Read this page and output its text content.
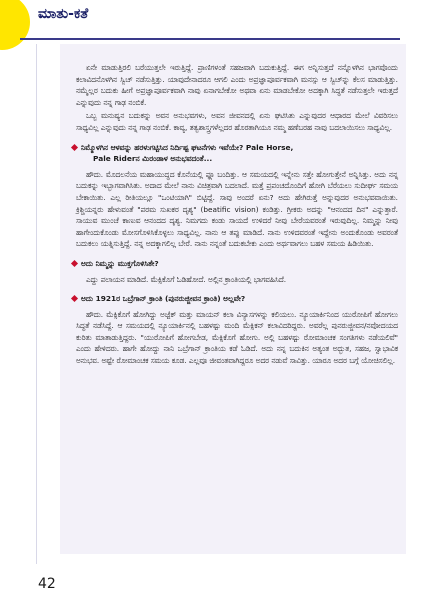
ಮಾತು-ಕತೆ

ಏನೇ ಮಾಡುತ್ತಿರಲಿ ಬರೆಯುತ್ತಲೇ ಇರುತ್ತಿದ್ದೆ. ಪ್ರಾಣಿಗಳಂತೆ ಸಹಜವಾಗಿ ಬದುಕುತ್ತಿದ್ದೆ. ಈಗ ಅನ್ನಿಸುತ್ತದೆ ನನ್ನೊಳಗಿನ ಭಾಗವೊಂದು ಕಲಾವಿದನೊಳಗಿನ ಸ್ವಿಚ್ ನಡೆಸುತ್ತಿತ್ತು. ಯಾವುದೇನಾದರೂ ಆಗಲಿ ಎಂದು ಅಪ್ರಜ್ಞಾಪೂರ್ವಕವಾಗಿ ಮನಸ್ಸು ಆ ಸ್ವಿಚ್‌ನ್ನು ಕೆಲಸ ಮಾಡುತ್ತಿತ್ತು. ನಮ್ಮೆಲ್ಲರ ಬದುಕು ಹೀಗೆ ಅಪ್ರಜ್ಞಾಪೂರ್ವಕವಾಗಿ ನಾವು ಏನಾಗಬೇಕೋ ಅಥವಾ ಏನು ಮಾಡಬೇಕೋ ಅದಕ್ಕಾಗಿ ಸಿದ್ಧತೆ ನಡೆಸುತ್ತಲೇ ಇರುತ್ತದೆ ಎನ್ನುವುದು ನನ್ನ ಗಾಢ ನಂಬಿಕೆ.

ಒಬ್ಬ ಮನುಷ್ಯನ ಬದುಕನ್ನು ಅವನ ಅನುಭವಗಳು, ಅವನ ಜೀವನದಲ್ಲಿ ಏನು ಘಟಿಸಿತು ಎನ್ನುವುದರ ಆಧಾರದ ಮೇಲೆ ವಿವರಿಸಲು ಸಾಧ್ಯವಿಲ್ಲ ಎನ್ನುವುದು ನನ್ನ ಗಾಢ ನಂಬಿಕೆ. ಕಾವ್ಯ, ತತ್ವಶಾಸ್ತ್ರಗಳೆಲ್ಲದರ ಹೊರತಾಗಿಯೂ ನಮ್ಮ ಹಣೆಬರಹ ನಾವು ಬದಲಾಯಿಸಲು ಸಾಧ್ಯವಿಲ್ಲ.

ನಿಮ್ಮೊಳಗಿನ ಆಳವನ್ನು ಹರಳುಗಟ್ಟಿಸಿದ ನಿರ್ದಿಷ್ಟ ಘಟನೆಗಳು ಇವೆಯೇ? Pale Horse,
Pale Riderನ ಮಿರಂಡಾಳ ಅನುಭವದಂತೆ...

ಹೌದು. ಮೊದಲನೆಯ ಮಹಾಯುದ್ಧದ ಕೊನೆಯಲ್ಲಿ ಫ್ಲೂ ಬಂದಿತ್ತು. ಆ ಸಮಯದಲ್ಲಿ ಇನ್ನೇನು ಸತ್ತೇ ಹೋಗುತ್ತೇನೆ ಅನ್ನಿಸಿತ್ತು. ಅದು ನನ್ನ ಬದುಕನ್ನು ಇಬ್ಭಾಗವಾಗಿಸಿತು. ಅದಾದ ಮೇಲೆ ನಾನು ವಿಚಿತ್ರವಾಗಿ ಬದಲಾದೆ. ಮತ್ತೆ ಪ್ರಪಂಚದೊಂದಿಗೆ ಹೋಗಿ ಬೆರೆಯಲು ಸುದೀರ್ಘ ಸಮಯ ಬೇಕಾಯಿತು. ಎಲ್ಲ ರೀತಿಯಲ್ಲೂ "ಒಂಟಿಯಾಗಿ" ಬಿಟ್ಟಿದ್ದೆ. ಸಾವು ಅಂದರೆ ಏನು? ಅದು ಹೇಗಿರುತ್ತೆ ಅನ್ನುವುದರ ಅನುಭವವಾಯಿತು. ಕ್ರಿಶ್ಚಿಯನ್ನರು ಹೇಳುವಂತೆ "ಪರಮ ಸುಖಕರ ದೃಶ್ಯ" (beatific vision) ಕಂಡಿತ್ತು. ಗ್ರೀಕರು ಅದನ್ನು "ಆನಂದದ ದಿನ" ಎನ್ನುತ್ತಾರೆ. ಸಾಯುವ ಮುಂಚೆ ಕಾಣುವ ಆನಂದದ ದೃಶ್ಯ. ನಿಮಗದು ಕಂಡು ಸಾಯದೆ ಉಳಿದರೆ ನೀವು ಬೇರೆಯವರಂತೆ ಇರುವುದಿಲ್ಲ. ನಿಮ್ಮನ್ನು ನೀವು ಹಾಗೇಂದುಕೊಂಡು ಮೋಸಗೊಳಿಸಿಕೊಳ್ಳಲು ಸಾಧ್ಯವಿಲ್ಲ. ನಾನು ಆ ತಪ್ಪು ಮಾಡಿದೆ. ನಾನು ಉಳಿದವರಂತೆ ಇದ್ದೇನು ಅಂದುಕೊಂಡು ಅವರಂತೆ ಬದುಕಲು ಯತ್ನಿಸುತ್ತಿದ್ದೆ. ನನ್ನ ಅದಕ್ಕಾಗಲಿಲ್ಲ ಬೇರೆ. ನಾನು ನನ್ನಂತೆ ಬದುಕಬೇಕು ಎಂದು ಅರ್ಥವಾಗಲು ಬಹಳ ಸಮಯ ಹಿಡಿಯಿತು.

ಅದು ನಿಮ್ಮನ್ನು ಮುಕ್ತಗೊಳಿಸಿತೇ?

ಎದ್ದು ಪಲಾಯನ ಮಾಡಿದೆ. ಮೆಕ್ಸಿಕೊಗೆ ಓಡಿಹೋದೆ. ಅಲ್ಲಿನ ಕ್ರಾಂತಿಯಲ್ಲಿ ಭಾಗವಹಿಸಿದೆ.

ಅದು 1921ರ ಒಬ್ರೆಗಾನ್ ಕ್ರಾಂತಿ (ಪುನರುಜ್ಜೀವನ ಕ್ರಾಂತಿ) ಅಲ್ಲವೇ?

ಹೌದು. ಮೆಕ್ಸಿಕೊಗೆ ಹೋಗಿದ್ದು ಅಜ್ಟೆಕ್ ಮತ್ತು ಮಾಯನ್ ಕಲಾ ವಿನ್ಯಾಸಗಳನ್ನು ಕಲಿಯಲು. ನ್ಯೂಯಾರ್ಕಿನಿಂದ ಯುರೋಪಿಗೆ ಹೋಗಲು ಸಿದ್ಧತೆ ನಡೆಸಿದ್ದೆ. ಆ ಸಮಯದಲ್ಲಿ ನ್ಯೂಯಾರ್ಕಿನಲ್ಲಿ ಬಹಳಷ್ಟು ಮಂದಿ ಮೆಕ್ಸಿಕನ್ ಕಲಾವಿದರಿದ್ದರು. ಅವರೆಲ್ಲ ಪುನರುಜ್ಜೀವನ/ನವೋದಯದ ಕುರಿತು ಮಾತಾಡುತ್ತಿದ್ದರು. "ಯುರೋಪಿಗೆ ಹೋಗಬೇಡ, ಮೆಕ್ಸಿಕೊಗೆ ಹೋಗು. ಅಲ್ಲಿ ಬಹಳಷ್ಟು ರೋಮಾಂಚಕ ಸಂಗತಿಗಳು ನಡೆಯಲಿವೆ" ಎಂದು ಹೇಳಿದರು. ಹಾಗೇ ಹೋದ್ದು ನಾನಿ ಒಬ್ರೆಗಾನ್ ಕ್ರಾಂತಿಯ ಕಡೆ ಓಡಿದೆ. ಅದು ನನ್ನ ಬದುಕಿನ ಅತ್ಯಂತ ಅದ್ಭುತ, ಸಹಜ, ಸ್ವಾಭಾವಿಕ ಅನುಭವ. ಅಷ್ಟೇ ರೋಮಾಂಚಕ ಸಮಯ ಕೂಡ. ಎಲ್ಲವೂ ಜೀವಂತವಾಗಿದ್ದರೂ ಅದರ ನಡುವೆ ಸಾವಿತ್ತು. ಯಾರೂ ಅದರ ಬಗ್ಗೆ ಯೋಚಿಸಲಿಲ್ಲ.

42
